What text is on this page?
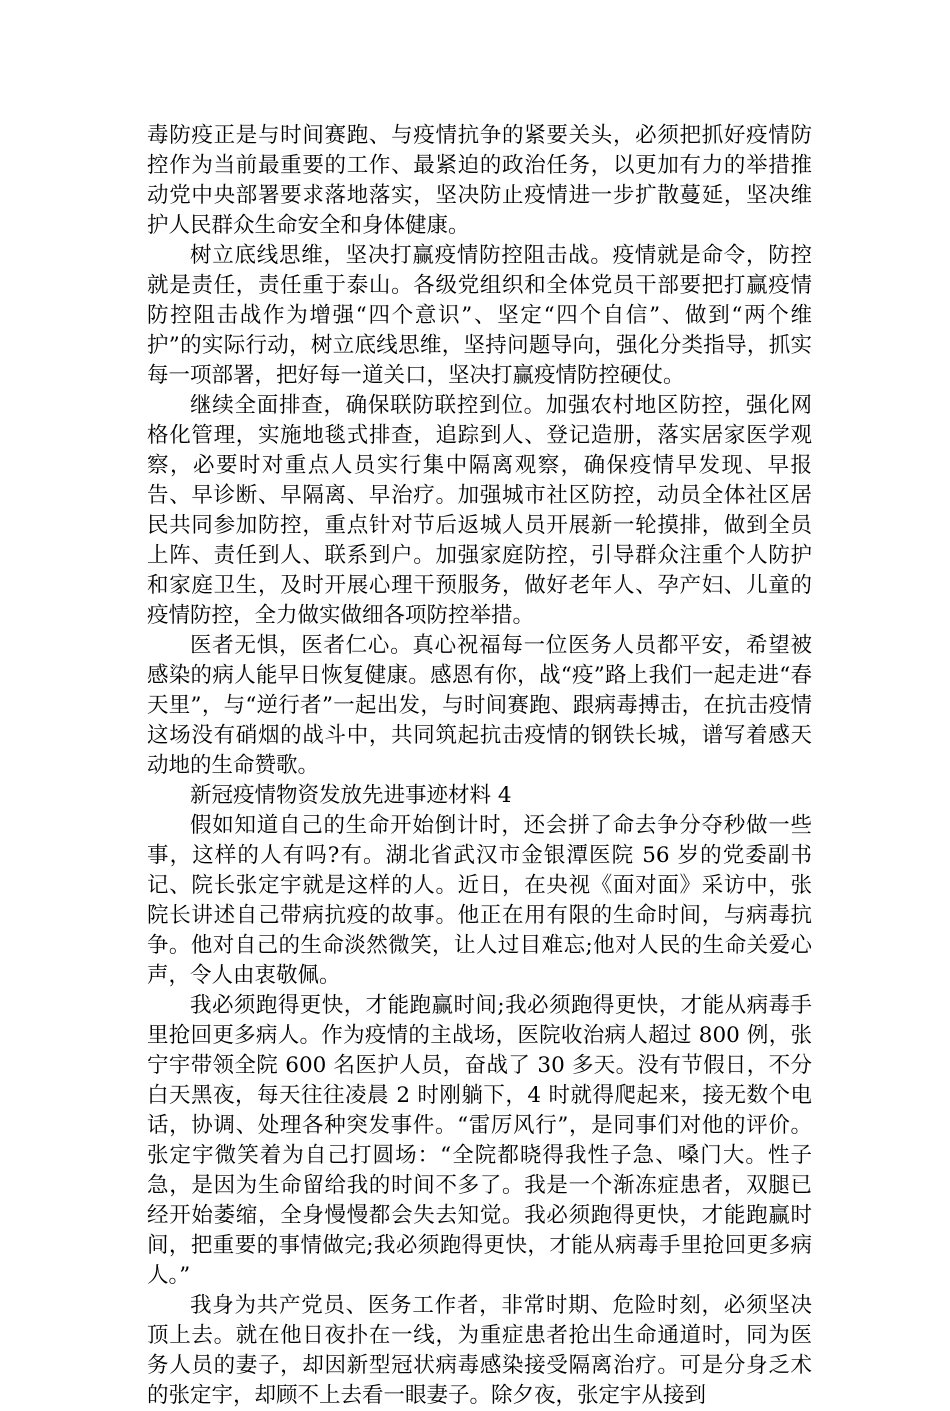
毒防疫正是与时间赛跑、与疫情抗争的紧要关头，必须把抓好疫情防控作为当前最重要的工作、最紧迫的政治任务，以更加有力的举措推动党中央部署要求落地落实，坚决防止疫情进一步扩散蔓延，坚决维护人民群众生命安全和身体健康。

树立底线思维，坚决打赢疫情防控阻击战。疫情就是命令，防控就是责任，责任重于泰山。各级党组织和全体党员干部要把打赢疫情防控阻击战作为增强“四个意识”、坚定“四个自信”、做到“两个维护”的实际行动，树立底线思维，坚持问题导向，强化分类指导，抓实每一项部署，把好每一道关口，坚决打赢疫情防控硬仗。

继续全面排查，确保联防联控到位。加强农村地区防控，强化网格化管理，实施地毯式排查，追踪到人、登记造册，落实居家医学观察，必要时对重点人员实行集中隔离观察，确保疫情早发现、早报告、早诊断、早隔离、早治疗。加强城市社区防控，动员全体社区居民共同参加防控，重点针对节后返城人员开展新一轮摸排，做到全员上阵、责任到人、联系到户。加强家庭防控，引导群众注重个人防护和家庭卫生，及时开展心理干预服务，做好老年人、孕产妇、儿童的疫情防控，全力做实做细各项防控举措。

医者无惧，医者仁心。真心祝福每一位医务人员都平安，希望被感染的病人能早日恢复健康。感恩有你，战“疫”路上我们一起走进“春天里”，与“逆行者”一起出发，与时间赛跑、跟病毒搏击，在抗击疫情这场没有硝烟的战斗中，共同筑起抗击疫情的钢铁长城，谱写着感天动地的生命赞歌。

新冠疫情物资发放先进事迹材料 4

假如知道自己的生命开始倒计时，还会拼了命去争分夺秒做一些事，这样的人有吗?有。湖北省武汉市金银潭医院 56 岁的党委副书记、院长张定宇就是这样的人。近日，在央视《面对面》采访中，张院长讲述自己带病抗疫的故事。他正在用有限的生命时间，与病毒抗争。他对自己的生命淡然微笑，让人过目难忘;他对人民的生命关爱心声，令人由衷敬佩。

我必须跑得更快，才能跑赢时间;我必须跑得更快，才能从病毒手里抢回更多病人。作为疫情的主战场，医院收治病人超过 800 例，张宁宇带领全院 600 名医护人员，奋战了 30 多天。没有节假日，不分白天黑夜，每天往往凌晨 2 时刚躺下，4 时就得爬起来，接无数个电话，协调、处理各种突发事件。“雷厉风行”，是同事们对他的评价。张定宇微笑着为自己打圆场：“全院都晓得我性子急、嗓门大。性子急，是因为生命留给我的时间不多了。我是一个渐冻症患者，双腿已经开始萎缩，全身慢慢都会失去知觉。我必须跑得更快，才能跑赢时间，把重要的事情做完;我必须跑得更快，才能从病毒手里抢回更多病人。”

我身为共产党员、医务工作者，非常时期、危险时刻，必须坚决顶上去。就在他日夜扑在一线，为重症患者抢出生命通道时，同为医务人员的妻子，却因新型冠状病毒感染接受隔离治疗。可是分身乏术的张定宇，却顾不上去看一眼妻子。除夕夜，张定宇从接到
